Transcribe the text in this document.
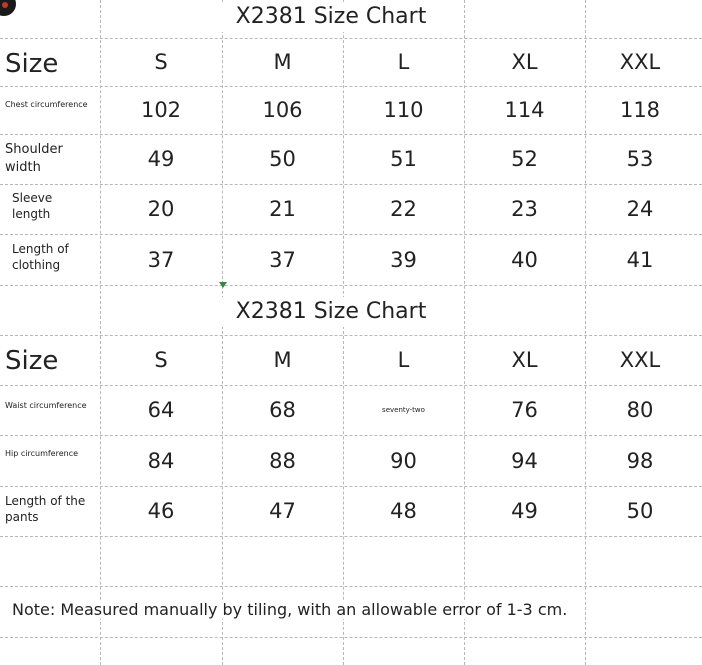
X2381 Size Chart
Size	S	M	L	XL	XXL
Chest circumference	102	106	110	114	118
Shoulder width	49	50	51	52	53
Sleeve length	20	21	22	23	24
Length of clothing	37	37	39	40	41
X2381 Size Chart
Size	S	M	L	XL	XXL
Waist circumference	64	68	seventy-two	76	80
Hip circumference	84	88	90	94	98
Length of the pants	46	47	48	49	50
Note: Measured manually by tiling, with an allowable error of 1-3 cm.
